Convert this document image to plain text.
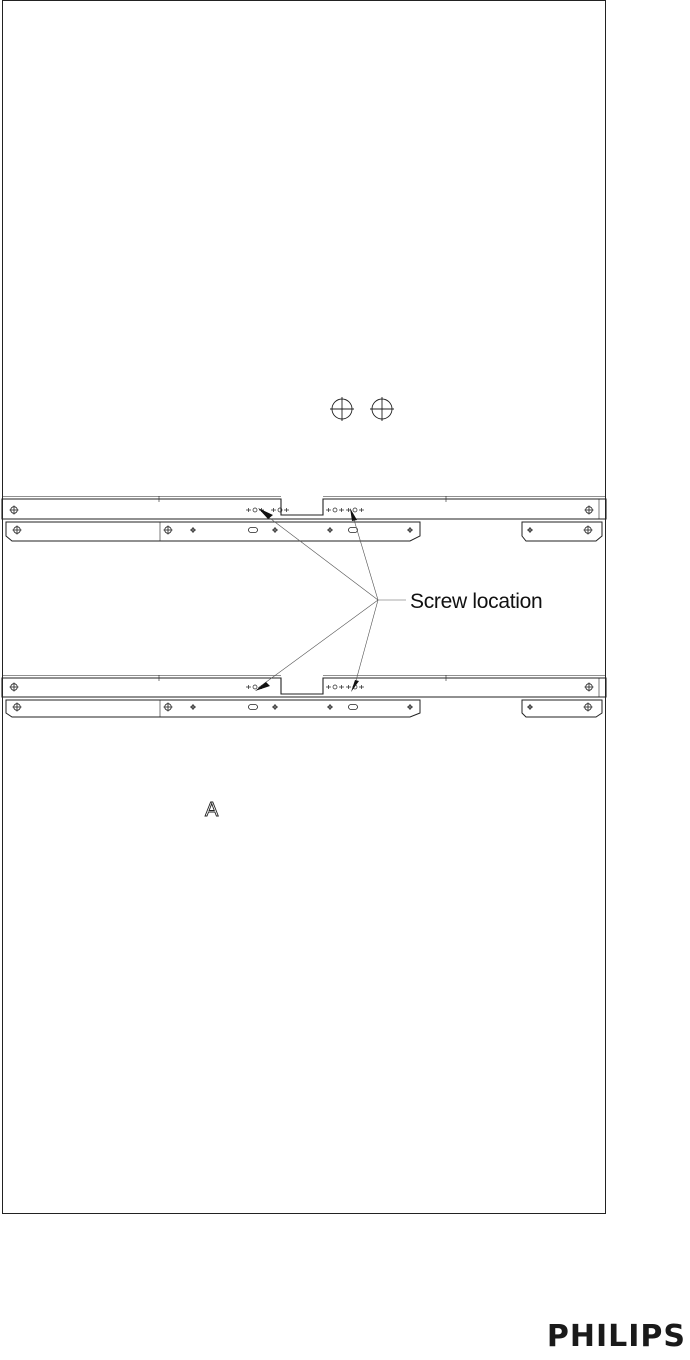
Screw location
A
PHILIPS
